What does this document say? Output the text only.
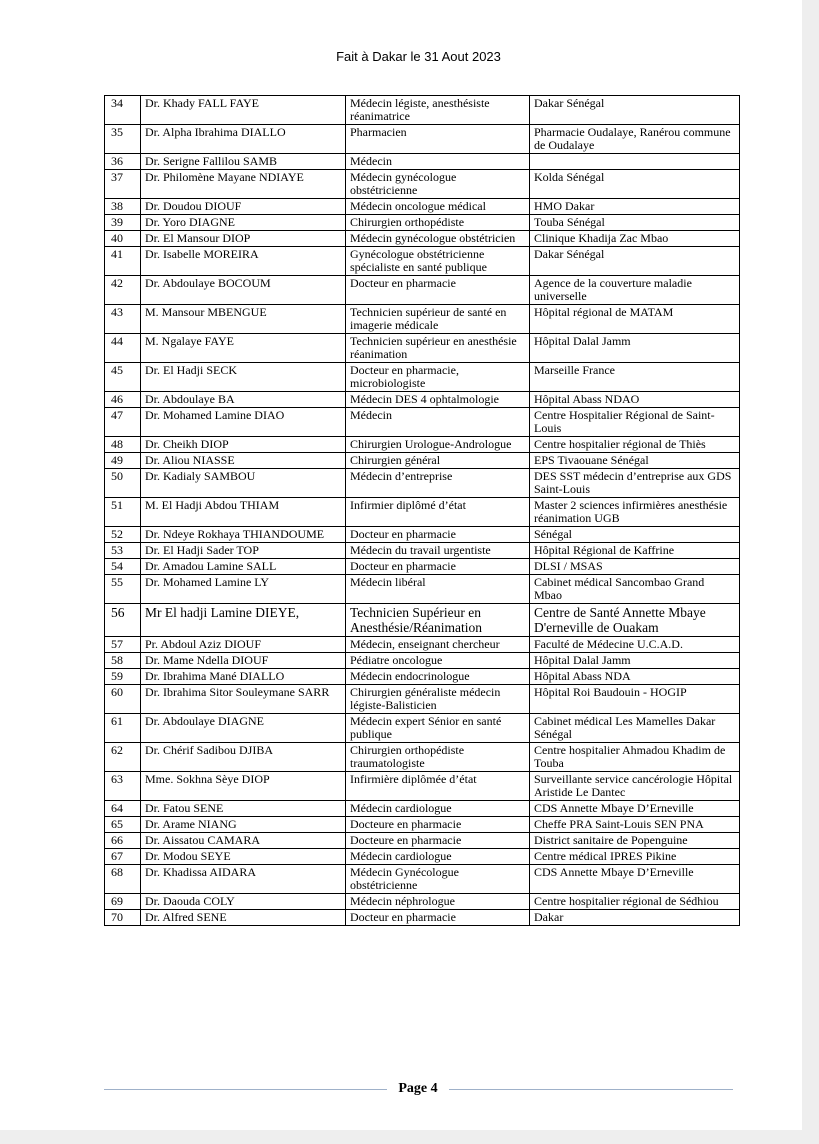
Fait à Dakar le 31 Aout 2023
34	Dr. Khady FALL FAYE	Médecin légiste, anesthésiste réanimatrice	Dakar Sénégal
35	Dr. Alpha Ibrahima DIALLO	Pharmacien	Pharmacie Oudalaye, Ranérou commune de Oudalaye
36	Dr. Serigne Fallilou SAMB	Médecin	
37	Dr. Philomène Mayane NDIAYE	Médecin gynécologue obstétricienne	Kolda Sénégal
38	Dr. Doudou DIOUF	Médecin oncologue médical	HMO Dakar
39	Dr. Yoro DIAGNE	Chirurgien orthopédiste	Touba Sénégal
40	Dr. El Mansour DIOP	Médecin gynécologue obstétricien	Clinique Khadija Zac Mbao
41	Dr. Isabelle MOREIRA	Gynécologue obstétricienne spécialiste en santé publique	Dakar Sénégal
42	Dr. Abdoulaye BOCOUM	Docteur en pharmacie	Agence de la couverture maladie universelle
43	M. Mansour MBENGUE	Technicien supérieur de santé en imagerie médicale	Hôpital régional de MATAM
44	M. Ngalaye FAYE	Technicien supérieur en anesthésie réanimation	Hôpital Dalal Jamm
45	Dr. El Hadji SECK	Docteur en pharmacie, microbiologiste	Marseille France
46	Dr. Abdoulaye BA	Médecin DES 4 ophtalmologie	Hôpital Abass NDAO
47	Dr. Mohamed Lamine DIAO	Médecin	Centre Hospitalier Régional de Saint-Louis
48	Dr. Cheikh DIOP	Chirurgien Urologue-Andrologue	Centre hospitalier régional de Thiès
49	Dr. Aliou NIASSE	Chirurgien général	EPS Tivaouane Sénégal
50	Dr. Kadialy SAMBOU	Médecin d’entreprise	DES SST médecin d’entreprise aux GDS Saint-Louis
51	M. El Hadji Abdou THIAM	Infirmier diplômé d’état	Master 2 sciences infirmières anesthésie réanimation UGB
52	Dr. Ndeye Rokhaya THIANDOUME	Docteur en pharmacie	Sénégal
53	Dr. El Hadji Sader TOP	Médecin du travail urgentiste	Hôpital Régional de Kaffrine
54	Dr. Amadou Lamine SALL	Docteur en pharmacie	DLSI / MSAS
55	Dr. Mohamed Lamine LY	Médecin libéral	Cabinet médical Sancombao Grand Mbao
56	Mr El hadji Lamine DIEYE,	Technicien Supérieur en Anesthésie/Réanimation	Centre de Santé Annette Mbaye D'erneville de Ouakam
57	Pr. Abdoul Aziz DIOUF	Médecin, enseignant chercheur	Faculté de Médecine U.C.A.D.
58	Dr. Mame Ndella DIOUF	Pédiatre oncologue	Hôpital Dalal Jamm
59	Dr. Ibrahima Mané DIALLO	Médecin endocrinologue	Hôpital Abass NDA
60	Dr. Ibrahima Sitor Souleymane SARR	Chirurgien généraliste médecin légiste-Balisticien	Hôpital Roi Baudouin - HOGIP
61	Dr. Abdoulaye DIAGNE	Médecin expert Sénior en santé publique	Cabinet médical Les Mamelles Dakar Sénégal
62	Dr. Chérif Sadibou DJIBA	Chirurgien orthopédiste traumatologiste	Centre hospitalier Ahmadou Khadim de Touba
63	Mme. Sokhna Sèye DIOP	Infirmière diplômée d’état	Surveillante service cancérologie Hôpital Aristide Le Dantec
64	Dr. Fatou SENE	Médecin cardiologue	CDS Annette Mbaye D’Erneville
65	Dr. Arame NIANG	Docteure en pharmacie	Cheffe PRA Saint-Louis SEN PNA
66	Dr. Aissatou CAMARA	Docteure en pharmacie	District sanitaire de Popenguine
67	Dr. Modou SEYE	Médecin cardiologue	Centre médical IPRES Pikine
68	Dr. Khadissa AIDARA	Médecin Gynécologue obstétricienne	CDS Annette Mbaye D’Erneville
69	Dr. Daouda COLY	Médecin néphrologue	Centre hospitalier régional de Sédhiou
70	Dr. Alfred SENE	Docteur en pharmacie	Dakar
Page 4
